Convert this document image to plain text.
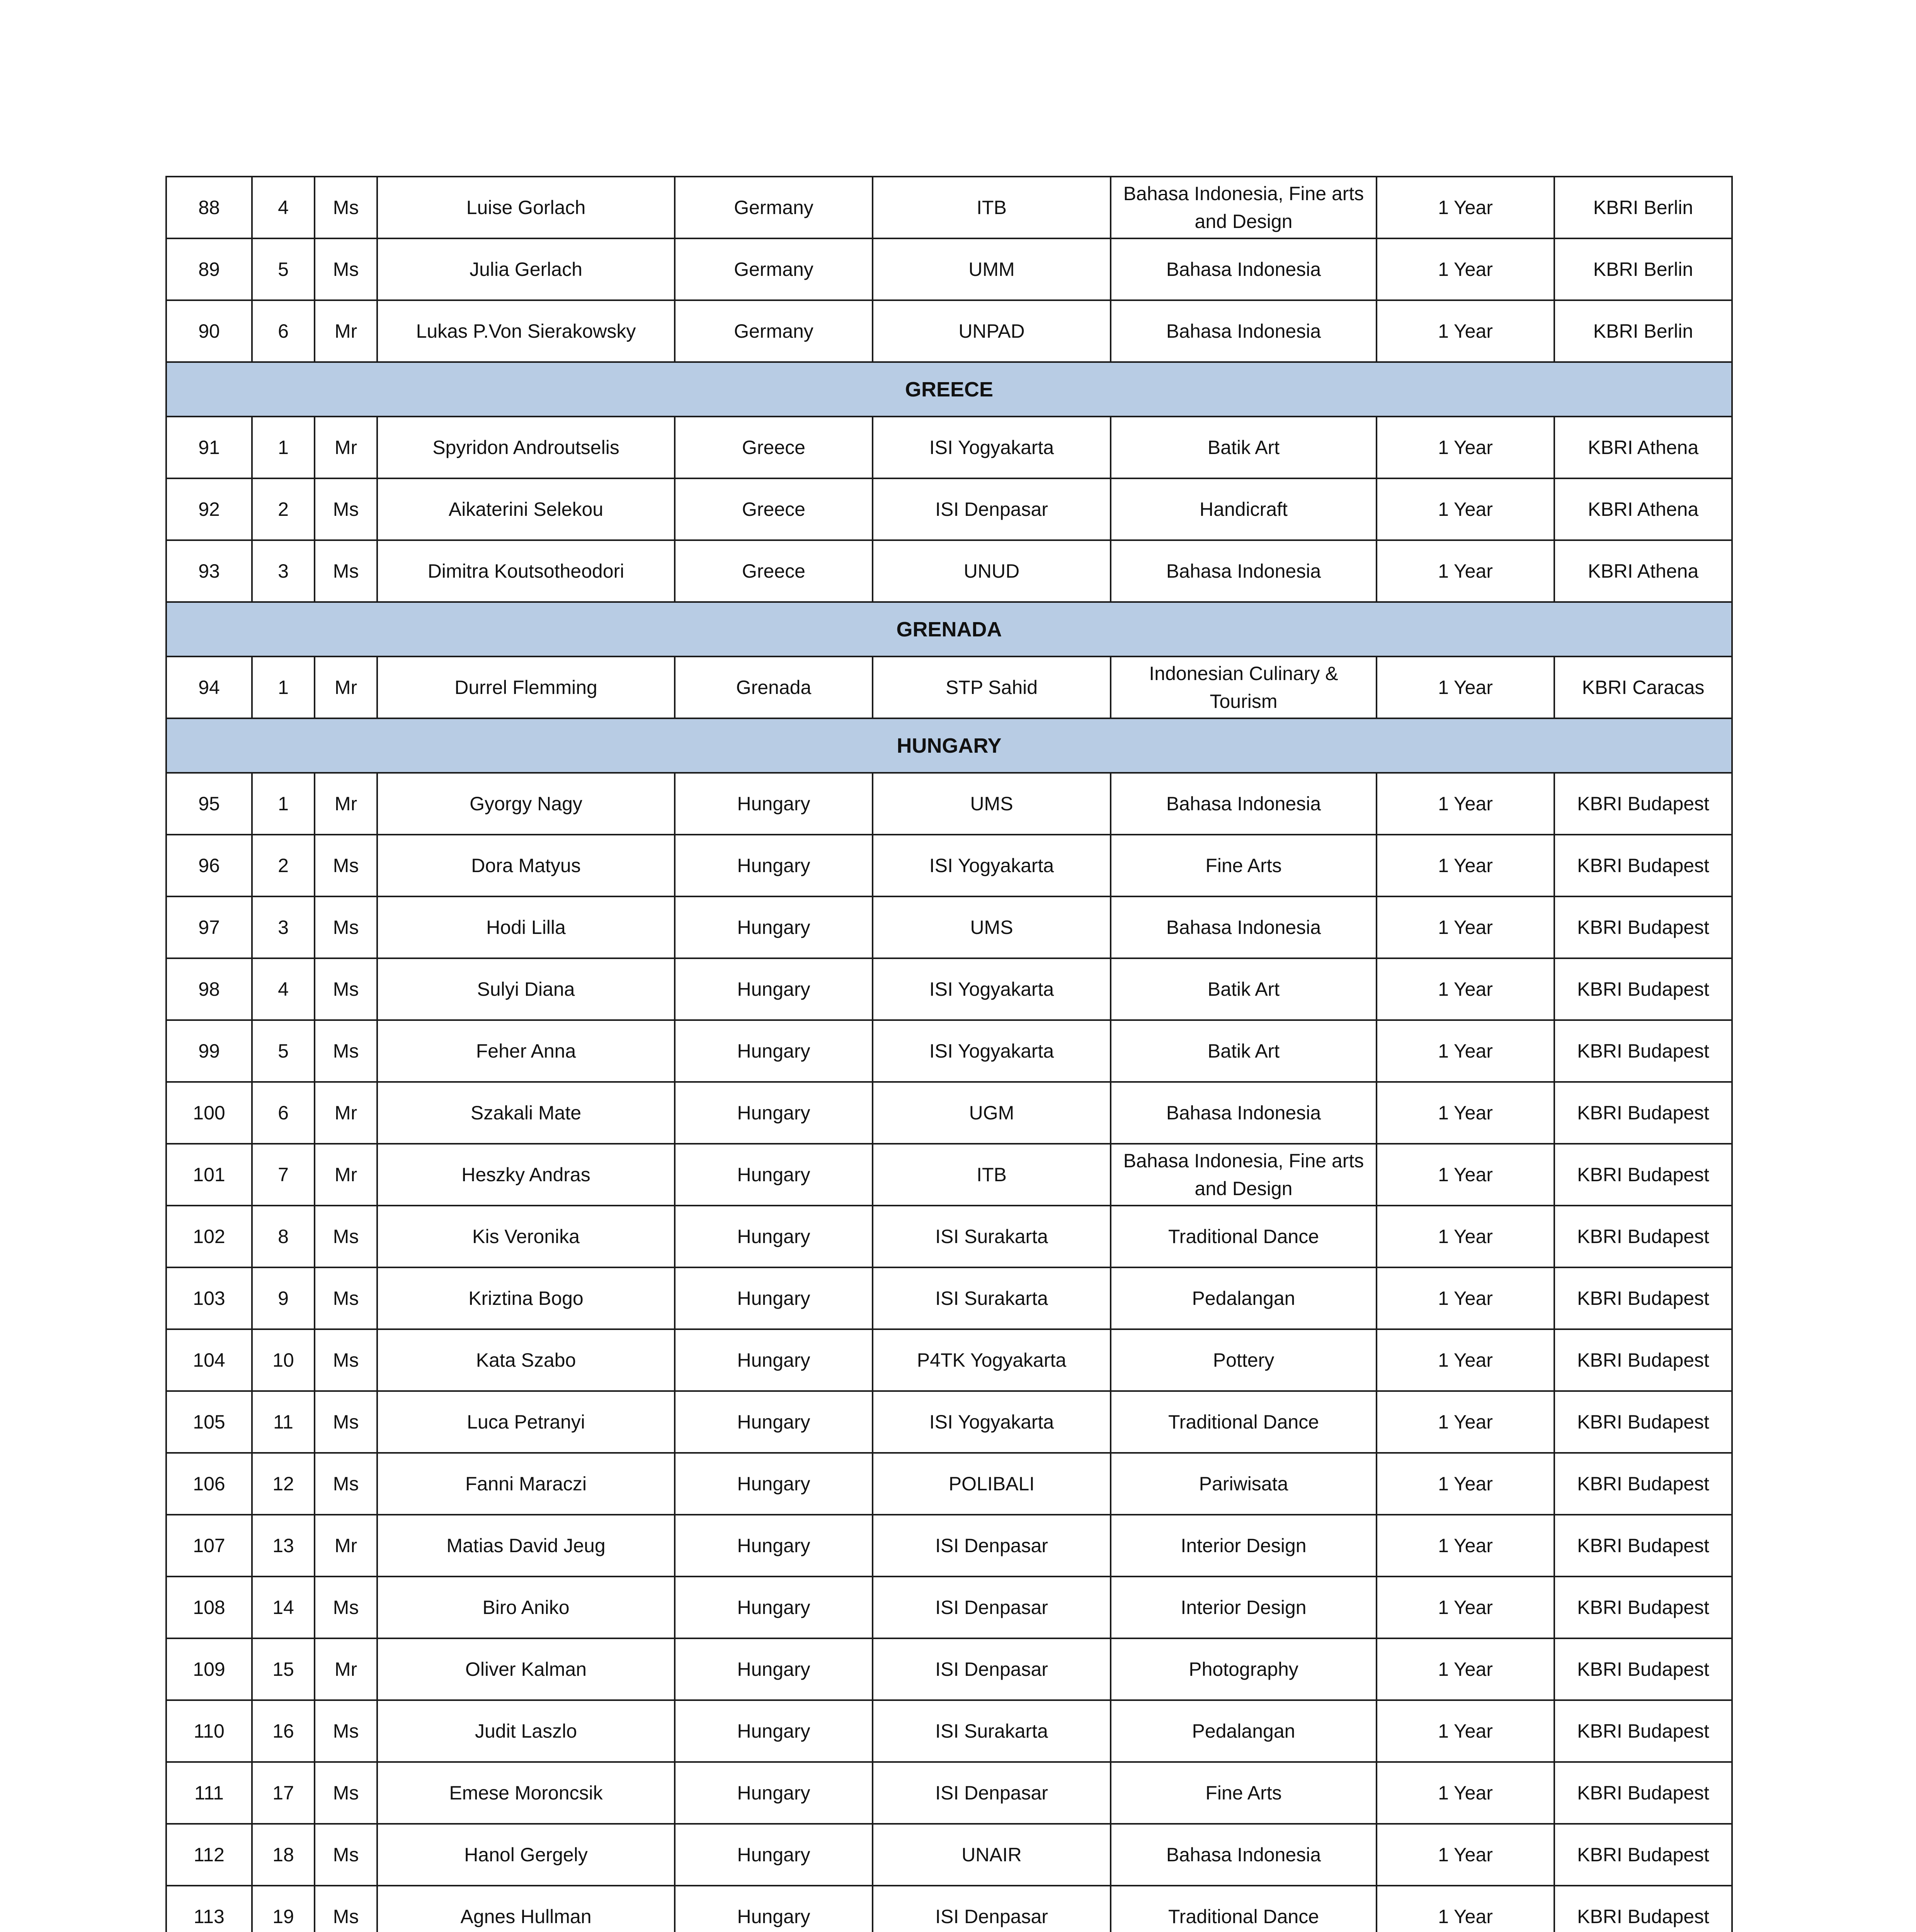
88	4	Ms	Luise Gorlach	Germany	ITB	Bahasa Indonesia, Fine arts and Design	1 Year	KBRI Berlin
89	5	Ms	Julia Gerlach	Germany	UMM	Bahasa Indonesia	1 Year	KBRI Berlin
90	6	Mr	Lukas P.Von Sierakowsky	Germany	UNPAD	Bahasa Indonesia	1 Year	KBRI Berlin
GREECE								
91	1	Mr	Spyridon Androutselis	Greece	ISI Yogyakarta	Batik Art	1 Year	KBRI Athena
92	2	Ms	Aikaterini Selekou	Greece	ISI Denpasar	Handicraft	1 Year	KBRI Athena
93	3	Ms	Dimitra Koutsotheodori	Greece	UNUD	Bahasa Indonesia	1 Year	KBRI Athena
GRENADA								
94	1	Mr	Durrel Flemming	Grenada	STP Sahid	Indonesian Culinary & Tourism	1 Year	KBRI Caracas
HUNGARY								
95	1	Mr	Gyorgy Nagy	Hungary	UMS	Bahasa Indonesia	1 Year	KBRI Budapest
96	2	Ms	Dora Matyus	Hungary	ISI Yogyakarta	Fine Arts	1 Year	KBRI Budapest
97	3	Ms	Hodi Lilla	Hungary	UMS	Bahasa Indonesia	1 Year	KBRI Budapest
98	4	Ms	Sulyi Diana	Hungary	ISI Yogyakarta	Batik Art	1 Year	KBRI Budapest
99	5	Ms	Feher Anna	Hungary	ISI Yogyakarta	Batik Art	1 Year	KBRI Budapest
100	6	Mr	Szakali Mate	Hungary	UGM	Bahasa Indonesia	1 Year	KBRI Budapest
101	7	Mr	Heszky Andras	Hungary	ITB	Bahasa Indonesia, Fine arts and Design	1 Year	KBRI Budapest
102	8	Ms	Kis Veronika	Hungary	ISI Surakarta	Traditional Dance	1 Year	KBRI Budapest
103	9	Ms	Kriztina Bogo	Hungary	ISI Surakarta	Pedalangan	1 Year	KBRI Budapest
104	10	Ms	Kata Szabo	Hungary	P4TK Yogyakarta	Pottery	1 Year	KBRI Budapest
105	11	Ms	Luca Petranyi	Hungary	ISI Yogyakarta	Traditional Dance	1 Year	KBRI Budapest
106	12	Ms	Fanni Maraczi	Hungary	POLIBALI	Pariwisata	1 Year	KBRI Budapest
107	13	Mr	Matias David Jeug	Hungary	ISI Denpasar	Interior Design	1 Year	KBRI Budapest
108	14	Ms	Biro Aniko	Hungary	ISI Denpasar	Interior Design	1 Year	KBRI Budapest
109	15	Mr	Oliver Kalman	Hungary	ISI Denpasar	Photography	1 Year	KBRI Budapest
110	16	Ms	Judit Laszlo	Hungary	ISI Surakarta	Pedalangan	1 Year	KBRI Budapest
111	17	Ms	Emese Moroncsik	Hungary	ISI Denpasar	Fine Arts	1 Year	KBRI Budapest
112	18	Ms	Hanol Gergely	Hungary	UNAIR	Bahasa Indonesia	1 Year	KBRI Budapest
113	19	Ms	Agnes Hullman	Hungary	ISI Denpasar	Traditional Dance	1 Year	KBRI Budapest
